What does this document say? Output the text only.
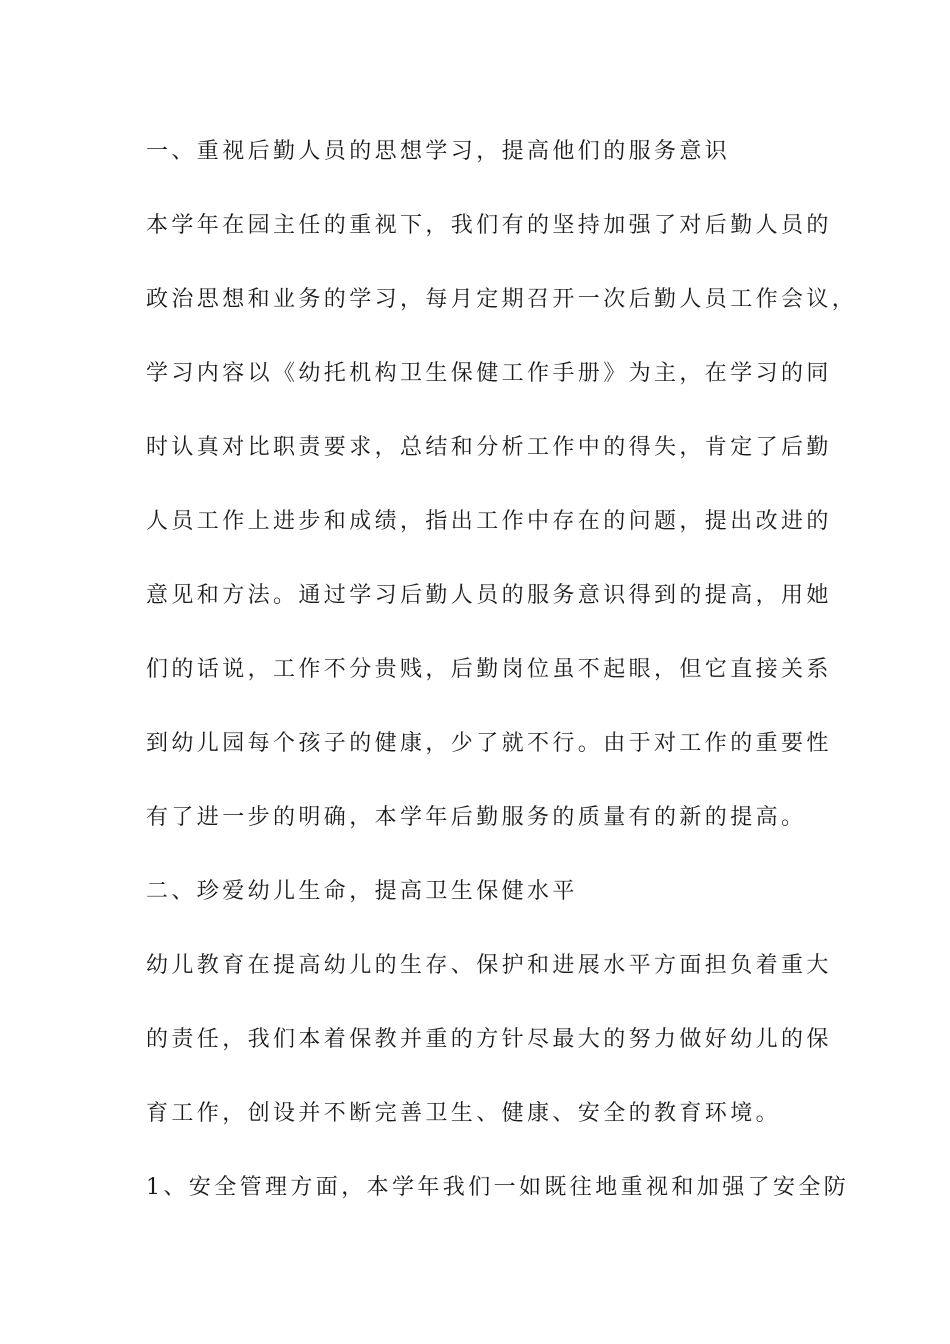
一、重视后勤人员的思想学习，提高他们的服务意识
本学年在园主任的重视下，我们有的坚持加强了对后勤人员的
政治思想和业务的学习，每月定期召开一次后勤人员工作会议，
学习内容以《幼托机构卫生保健工作手册》为主，在学习的同
时认真对比职责要求，总结和分析工作中的得失，肯定了后勤
人员工作上进步和成绩，指出工作中存在的问题，提出改进的
意见和方法。通过学习后勤人员的服务意识得到的提高，用她
们的话说，工作不分贵贱，后勤岗位虽不起眼，但它直接关系
到幼儿园每个孩子的健康，少了就不行。由于对工作的重要性
有了进一步的明确，本学年后勤服务的质量有的新的提高。
二、珍爱幼儿生命，提高卫生保健水平
幼儿教育在提高幼儿的生存、保护和进展水平方面担负着重大
的责任，我们本着保教并重的方针尽最大的努力做好幼儿的保
育工作，创设并不断完善卫生、健康、安全的教育环境。
1、安全管理方面，本学年我们一如既往地重视和加强了安全防
